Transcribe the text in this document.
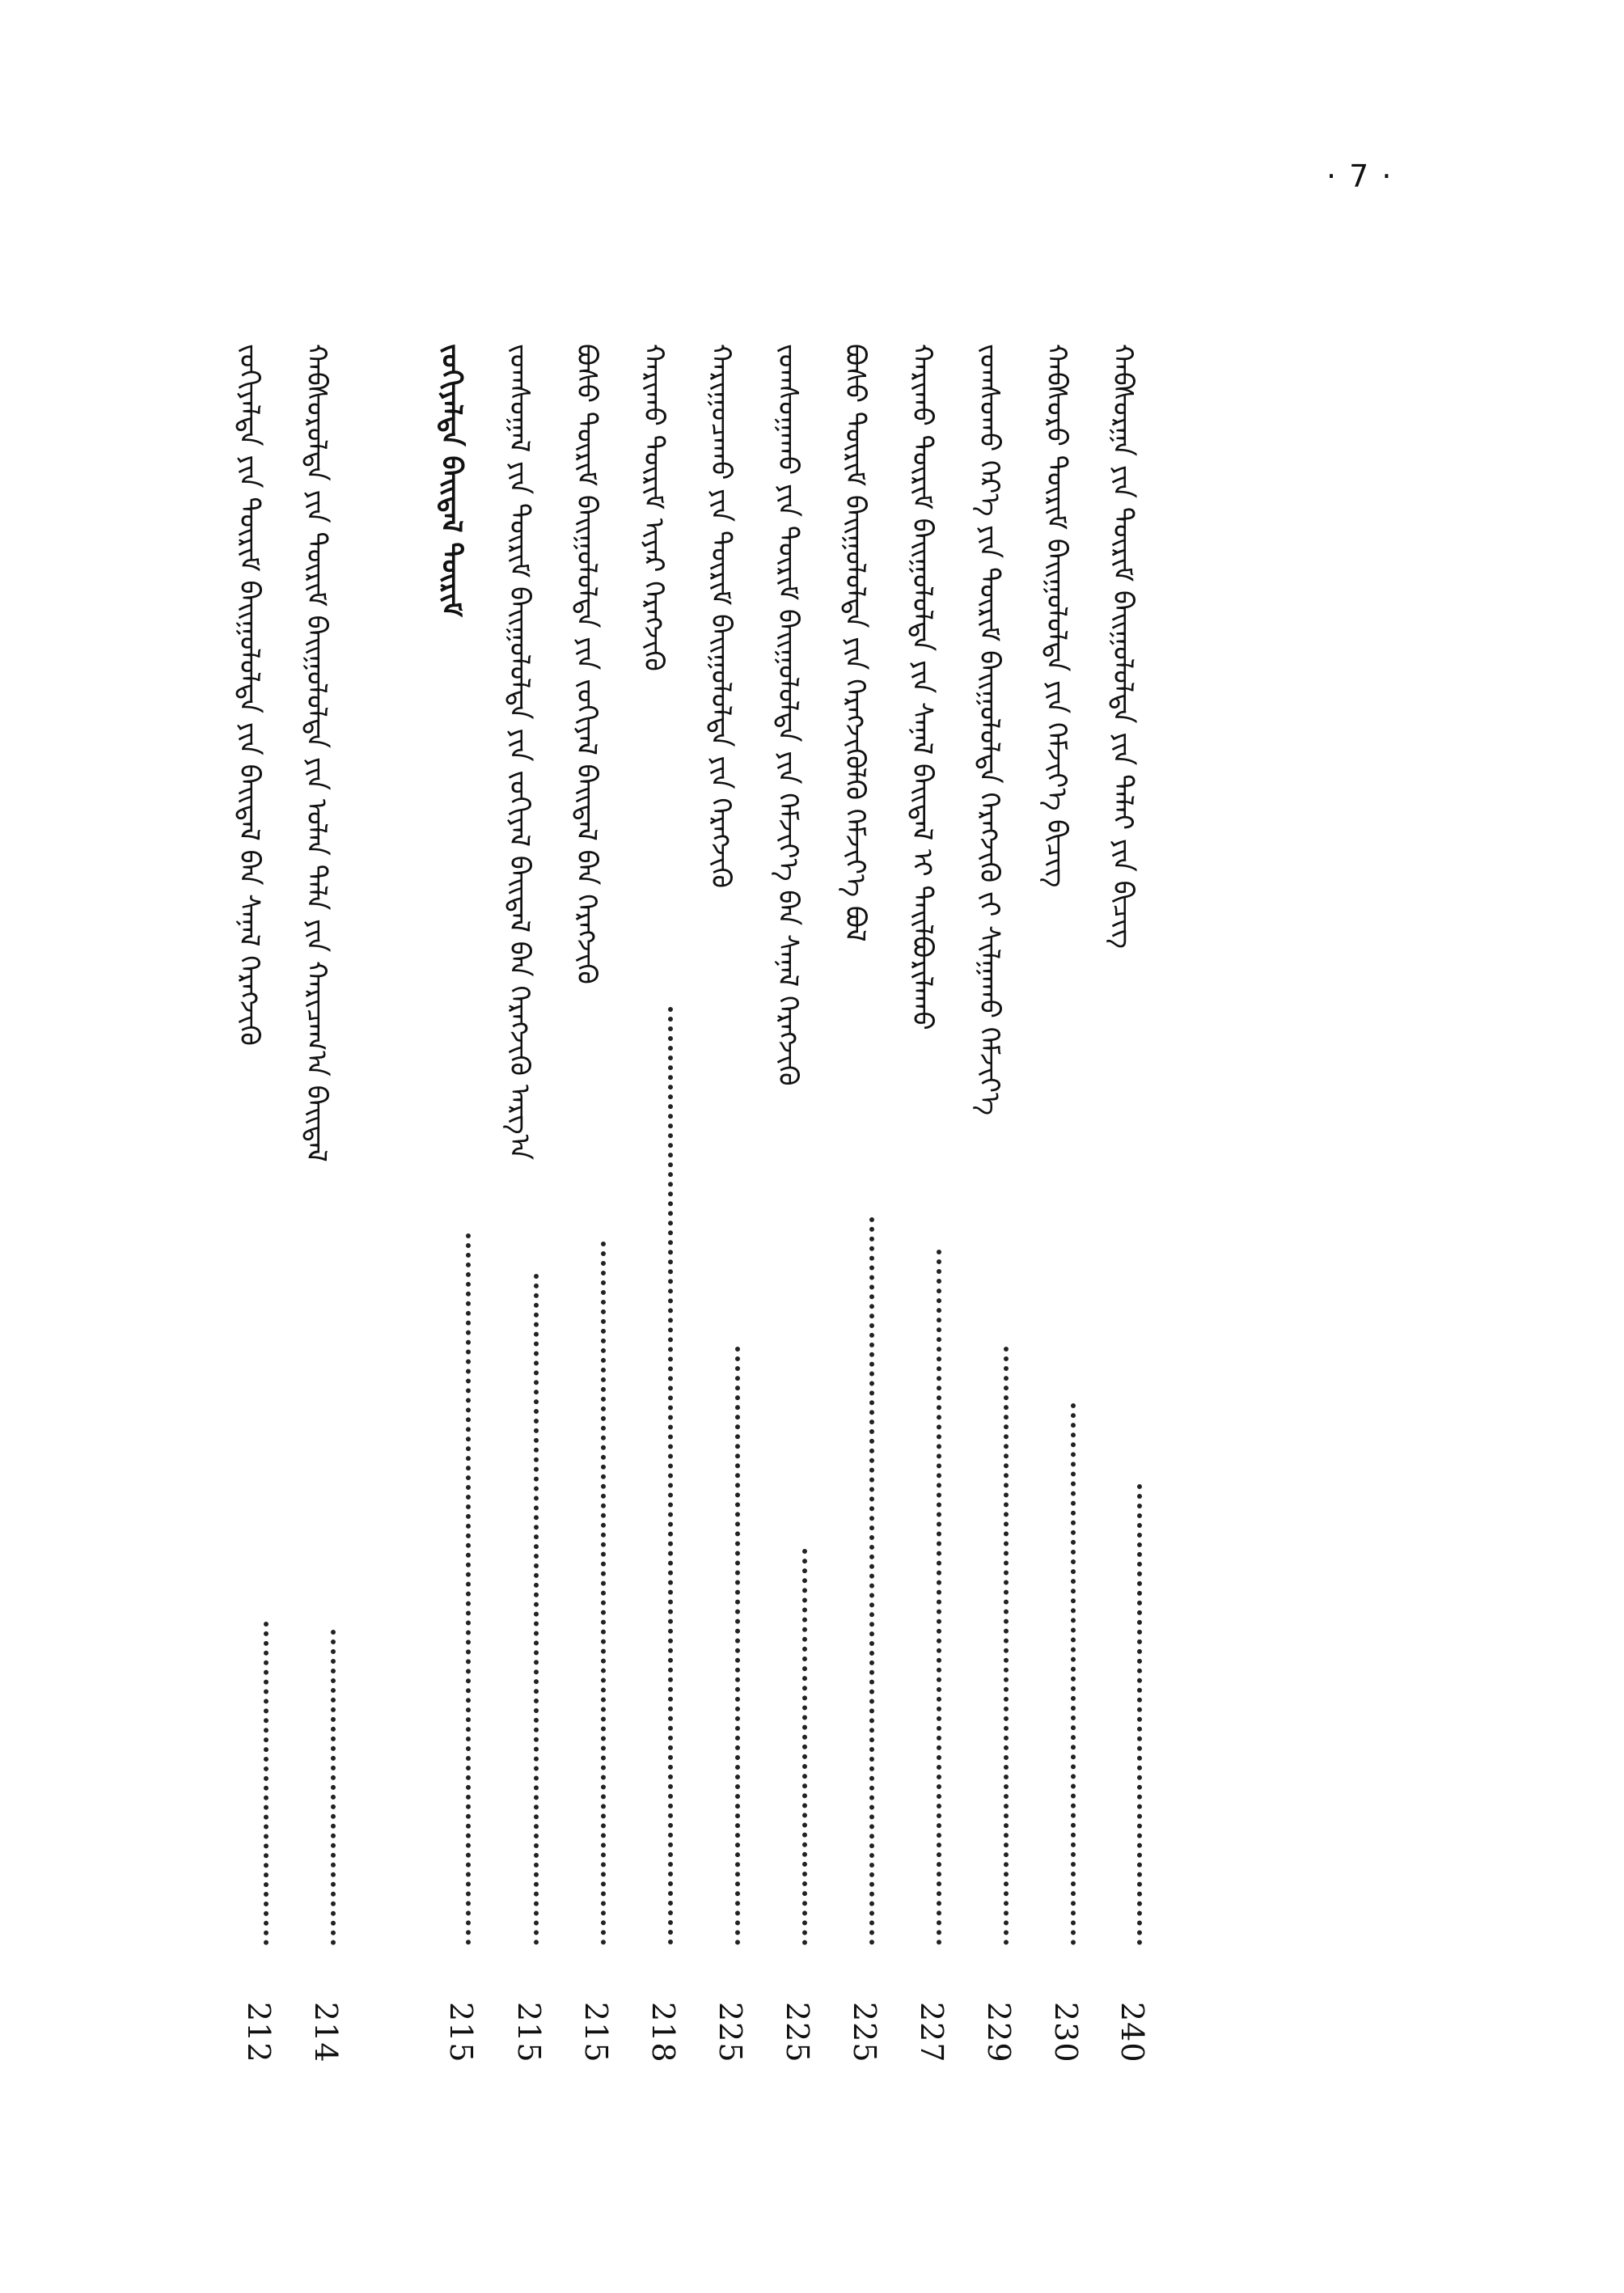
· 7 ·
ᠬᠠᠪᠰᠤᠷᠭᠠ ᠶᠢᠨ ᠳᠦᠷᠢᠮ ᠪᠠᠢᠭᠤᠯᠤᠯᠲᠠ ᠶᠢᠨ ᠳᠠᠯᠠᠢ ᠶᠢᠨ ᠪᠢᠴᠢᠭ
240
ᠬᠠᠪᠰᠤᠷᠤ ᠳᠦᠷᠢᠮ ᠪᠠᠢᠭᠤᠯᠤᠯᠲᠠ ᠶᠢᠨ ᠬᠡᠮᠵᠢᠶ᠎ᠡ ᠪᠢᠴᠢᠭ
230
ᠵᠣᠭᠰᠣᠬᠤ ᠭᠡᠷ᠎ᠡ ᠶᠢᠨ ᠳᠦᠷᠢᠮ ᠪᠠᠢᠭᠤᠯᠤᠯᠲᠠ ᠬᠡᠷᠡᠭᠵᠢᠬᠦ ᠵᠢ ᠰᠢᠯᠭᠠᠬᠤ ᠬᠡᠮᠵᠢᠶ᠎ᠡ
229
ᠬᠠᠷᠢᠬᠤ ᠳᠦᠷᠢᠮ ᠪᠠᠢᠭᠤᠯᠤᠯᠲᠠ ᠶᠢᠨ ᠰᠠᠨᠠᠯ ᠪᠠᠢᠳᠠᠯ ᠢ ᠲᠠᠢᠯᠪᠤᠷᠢᠯᠠᠬᠤ
227
ᠪᠤᠰᠤ ᠳᠦᠷᠢᠮ ᠪᠠᠢᠭᠤᠯᠤᠯᠲᠠ ᠶᠢᠨ ᠬᠡᠷᠡᠭᠵᠢᠭᠦᠯᠬᠦ ᠬᠡᠮᠵᠢᠶ᠎ᠡ ᠪᠣᠯ
225
ᠵᠣᠭᠰᠣᠭᠠᠬᠤ ᠶᠢᠨ ᠳᠦᠷᠢᠮ ᠪᠠᠢᠭᠤᠯᠤᠯᠲᠠ ᠶᠢᠨ ᠬᠡᠮᠵᠢᠶ᠎ᠡ ᠪᠡᠨ ᠰᠠᠨᠠᠯ ᠬᠡᠷᠡᠭᠵᠢᠬᠦ
225
ᠬᠠᠷᠢᠭᠤᠴᠠᠬᠤ ᠶᠢᠨ ᠳᠦᠷᠢᠮ ᠪᠠᠢᠭᠤᠯᠤᠯᠲᠠ ᠶᠢᠨ ᠬᠡᠷᠡᠭᠵᠢᠬᠦ
225
ᠬᠠᠷᠢᠬᠤ ᠳᠦᠷᠢᠮ ᠢᠶᠡᠷ ᠬᠡᠷᠡᠭᠵᠢᠬᠦ
218
ᠪᠤᠰᠤ ᠳᠦᠷᠢᠮ ᠪᠠᠢᠭᠤᠯᠤᠯᠲᠠ ᠶᠢᠨ ᠵᠣᠬᠢᠶᠠᠯ ᠪᠠᠢᠳᠠᠯ ᠪᠡᠨ ᠬᠡᠷᠡᠭᠵᠢᠬᠦ
215
ᠵᠣᠭᠰᠣᠭᠠᠯ ᠶᠢᠨ ᠳᠦᠷᠢᠮ ᠪᠠᠢᠭᠤᠯᠤᠯᠲᠠ ᠶᠢᠨ ᠵᠣᠬᠢᠶᠠᠯ ᠪᠠᠢᠳᠠᠯ ᠪᠡᠨ ᠬᠡᠷᠡᠭᠵᠢᠬᠦ ᠠᠷᠭ᠎ᠠ
215
ᠵᠣᠬᠢᠶᠠᠯᠲᠠ ᠪᠠᠢᠳᠠᠯ ᠳᠦᠷᠢᠮ
215
ᠬᠠᠪᠰᠤᠷᠤᠯᠲᠠ ᠶᠢᠨ ᠳᠦᠷᠢᠮ ᠪᠠᠢᠭᠤᠯᠤᠯᠲᠠ ᠶᠢᠨ ᠣᠯᠠᠨ ᠲᠠᠯᠠ ᠶᠢᠨ ᠬᠠᠷᠢᠴᠠᠭ᠎ᠠ ᠪᠠᠢᠳᠠᠯ
214
ᠵᠣᠬᠢᠶᠠᠯᠲᠠ ᠶᠢᠨ ᠳᠦᠷᠢᠮ ᠪᠠᠢᠭᠤᠯᠤᠯᠲᠠ ᠶᠢᠨ ᠪᠠᠢᠳᠠᠯ ᠪᠡᠨ ᠰᠠᠨᠠᠯ ᠬᠡᠷᠡᠭᠵᠢᠬᠦ
212
